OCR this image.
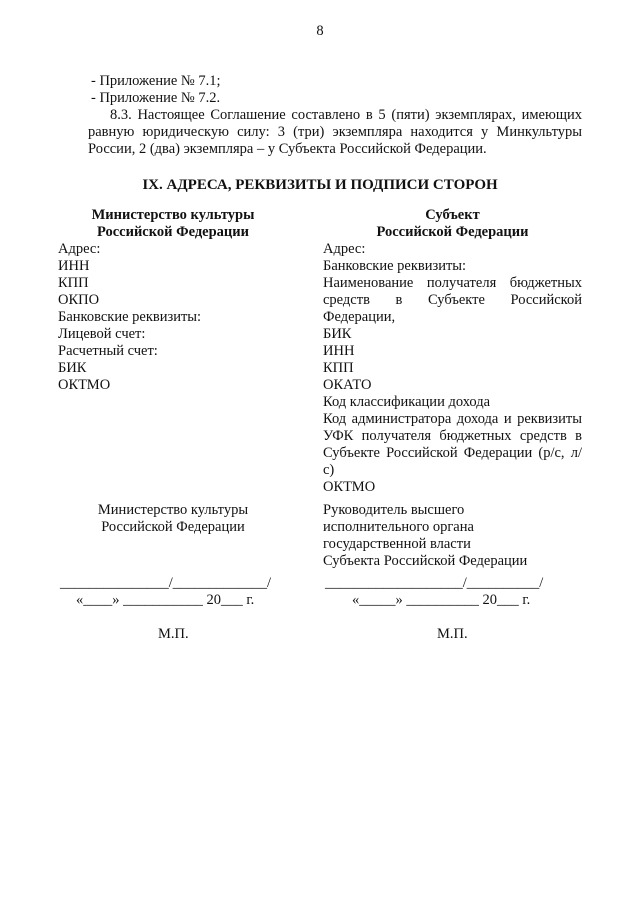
8
- Приложение № 7.1;
- Приложение № 7.2.

8.3. Настоящее Соглашение составлено в 5 (пяти) экземплярах, имеющих равную юридическую силу: 3 (три) экземпляра находится у Минкультуры России, 2 (два) экземпляра – у Субъекта Российской Федерации.

IX. АДРЕСА, РЕКВИЗИТЫ И ПОДПИСИ СТОРОН
Министерство культуры
Российской Федерации
Адрес:
ИНН
КПП
ОКПО
Банковские реквизиты:
Лицевой счет:
Расчетный счет:
БИК
ОКТМО
Субъект
Российской Федерации
Адрес:
Банковские реквизиты:
Наименование получателя бюджетных средств в Субъекте Российской Федерации,
БИК
ИНН
КПП
ОКАТО
Код классификации дохода
Код администратора дохода и реквизиты УФК получателя бюджетных средств в Субъекте Российской Федерации (р/с, л/с)
ОКТМО
Министерство культуры
Российской Федерации
Руководитель высшего
исполнительного органа
государственной власти
Субъекта Российской Федерации
_______________/_____________/
«____» ___________ 20___ г.
___________________/__________/
«_____» __________ 20___ г.
М.П.	М.П.
